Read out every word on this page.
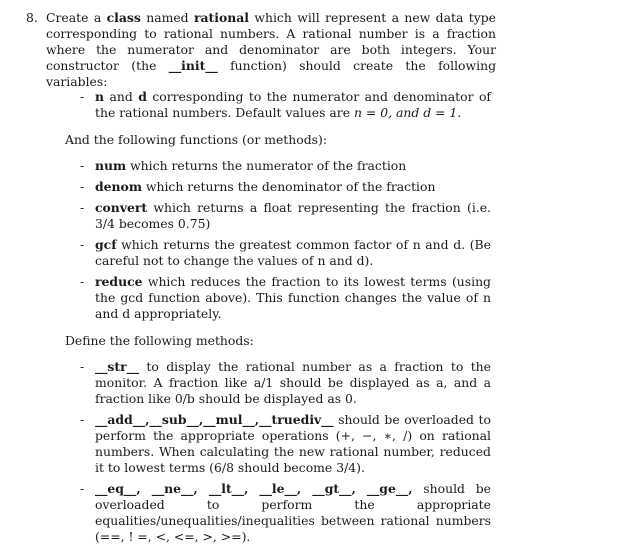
8. Create a class named rational which will represent a new data type corresponding to rational numbers. A rational number is a fraction where the numerator and denominator are both integers. Your constructor (the __init__ function) should create the following variables:

- n and d corresponding to the numerator and denominator of the rational numbers. Default values are n = 0, and d = 1.
And the following functions (or methods):
- num which returns the numerator of the fraction
- denom which returns the denominator of the fraction
- convert which returns a float representing the fraction (i.e. 3/4 becomes 0.75)
- gcf which returns the greatest common factor of n and d. (Be careful not to change the values of n and d).
- reduce which reduces the fraction to its lowest terms (using the gcd function above). This function changes the value of n and d appropriately.
Define the following methods:
- __str__ to display the rational number as a fraction to the monitor. A fraction like a/1 should be displayed as a, and a fraction like 0/b should be displayed as 0.
- __add__,__sub__,__mul__,__truediv__ should be overloaded to perform the appropriate operations (+, −, ∗, /) on rational numbers. When calculating the new rational number, reduced it to lowest terms (6/8 should become 3/4).
- __eq__, __ne__, __lt__, __le__, __gt__, __ge__, should be overloaded to perform the appropriate equalities/unequalities/inequalities between rational numbers (==, ! =, <, <=, >, >=).
